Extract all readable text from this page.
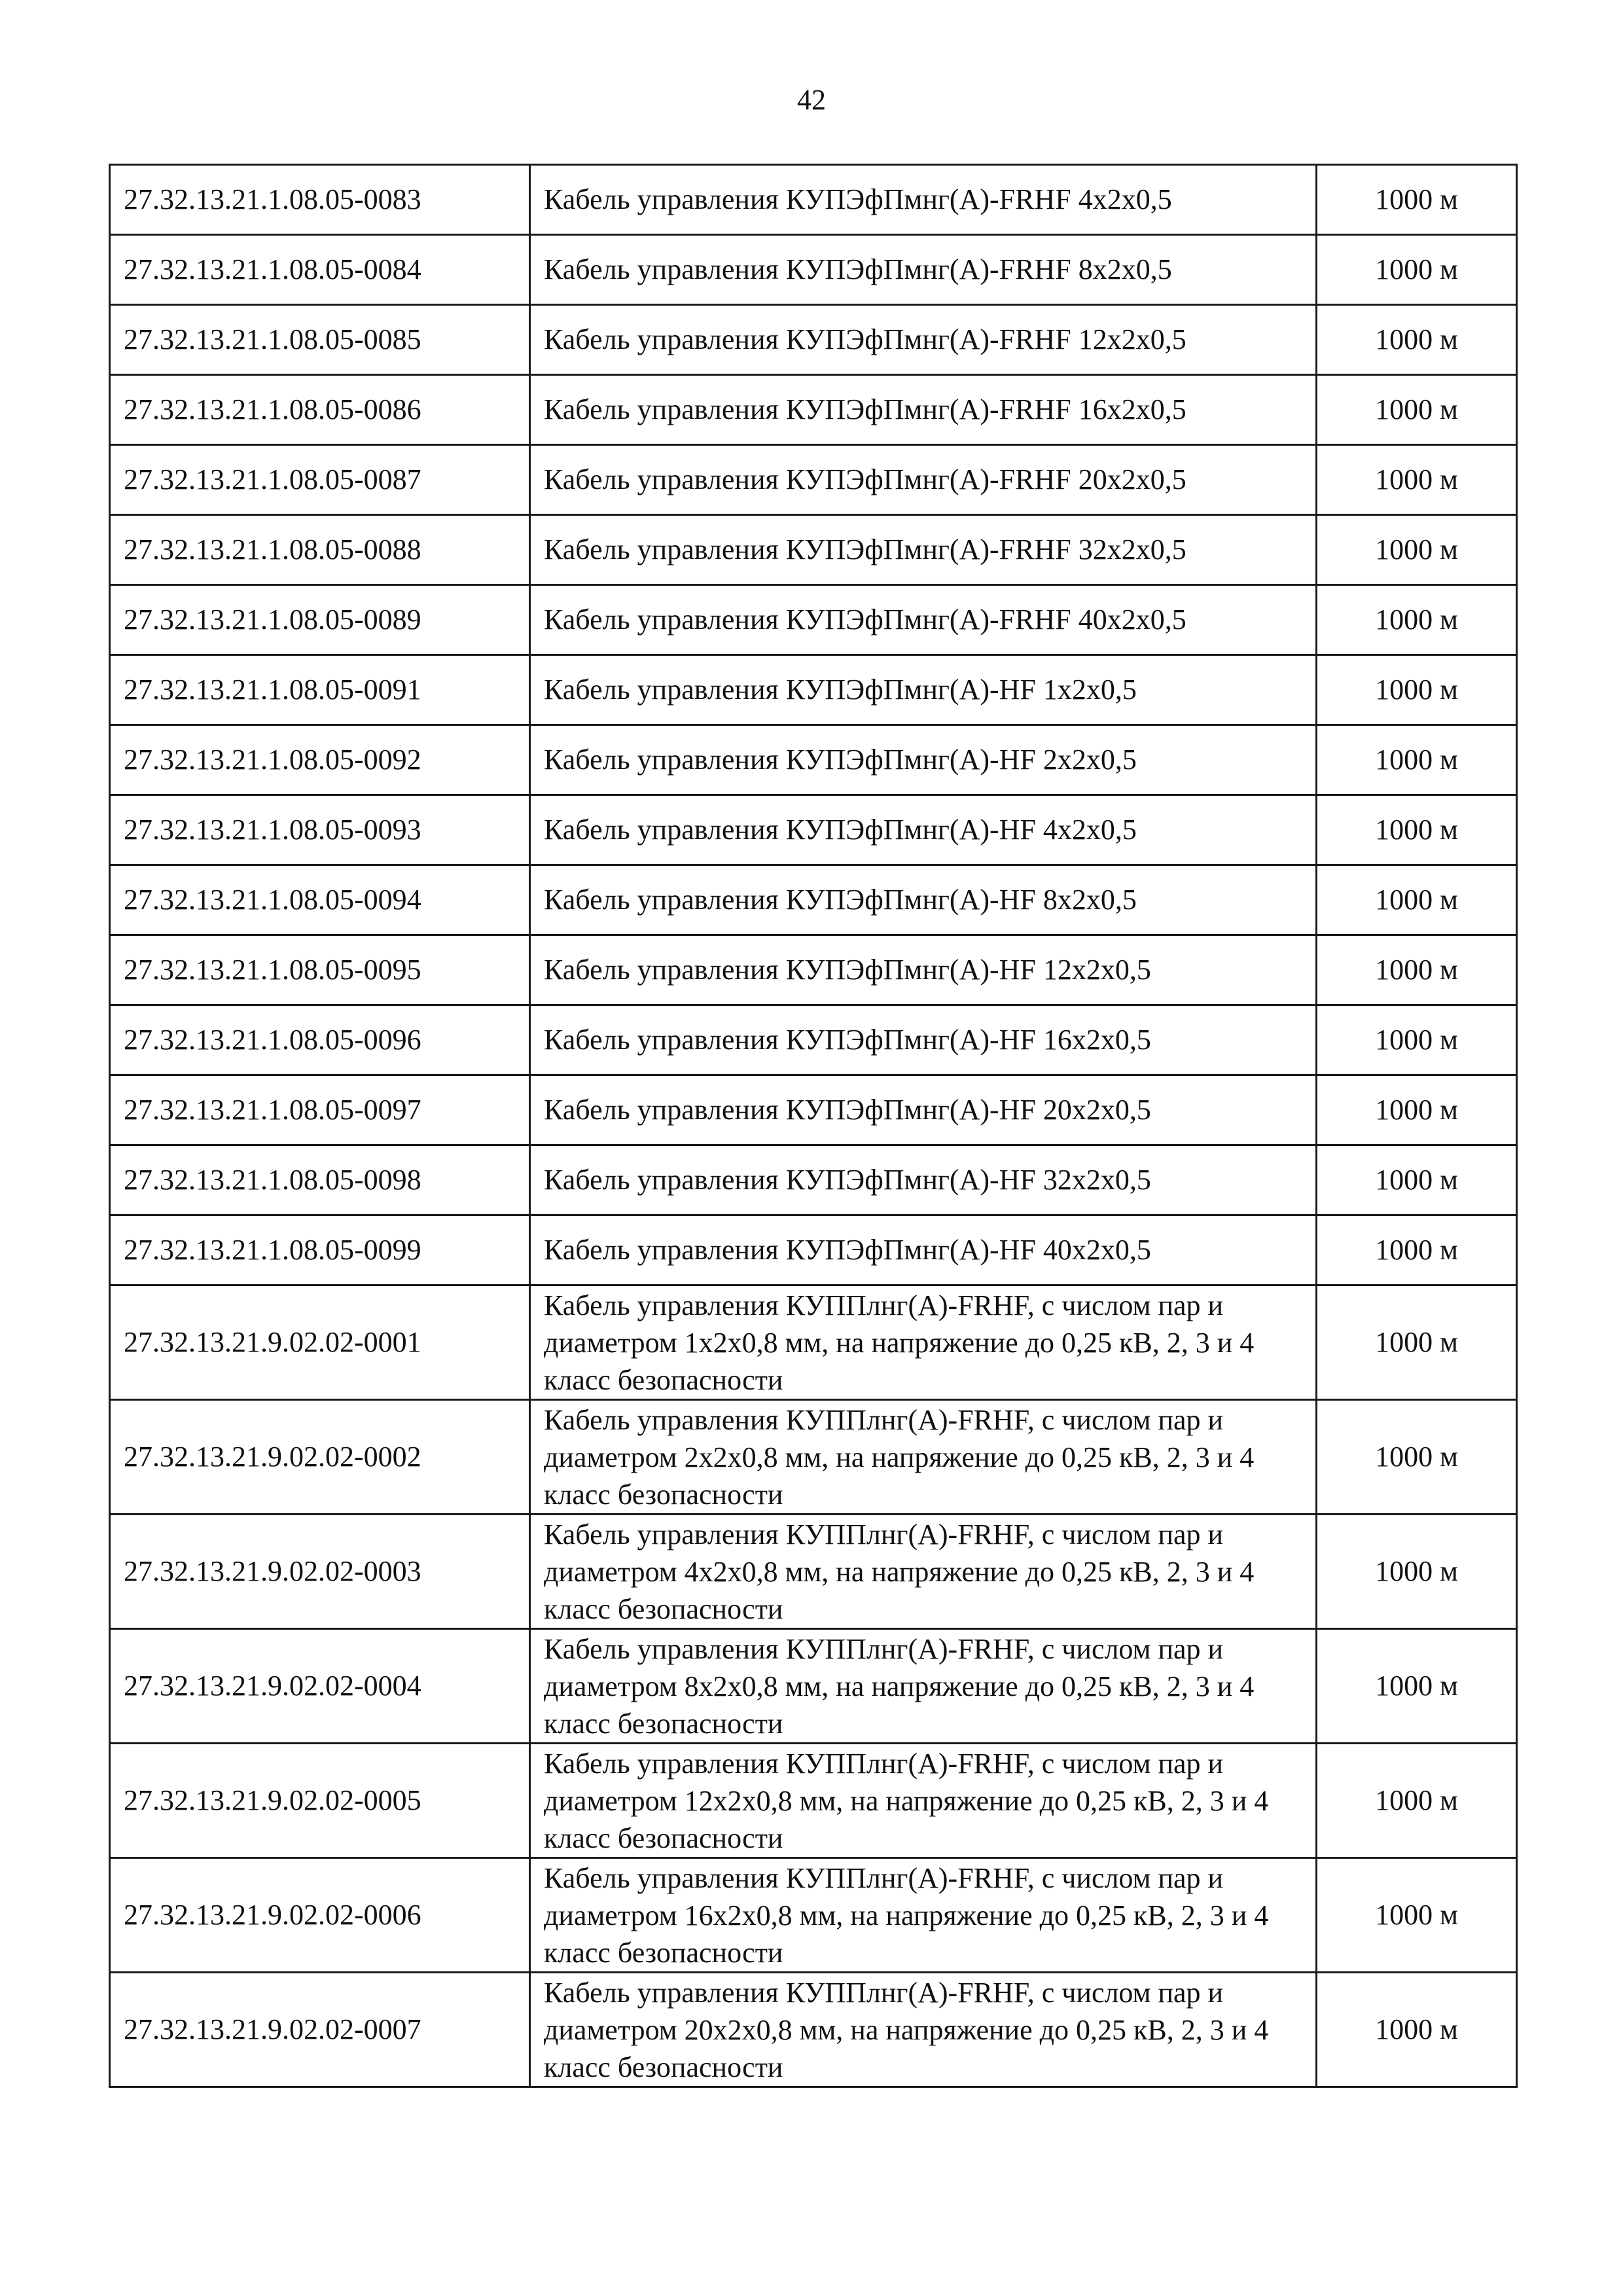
42
27.32.13.21.1.08.05-0083	Кабель управления КУПЭфПмнг(А)-FRHF 4х2х0,5	1000 м
27.32.13.21.1.08.05-0084	Кабель управления КУПЭфПмнг(А)-FRHF 8х2х0,5	1000 м
27.32.13.21.1.08.05-0085	Кабель управления КУПЭфПмнг(А)-FRHF 12х2х0,5	1000 м
27.32.13.21.1.08.05-0086	Кабель управления КУПЭфПмнг(А)-FRHF 16х2х0,5	1000 м
27.32.13.21.1.08.05-0087	Кабель управления КУПЭфПмнг(А)-FRHF 20х2х0,5	1000 м
27.32.13.21.1.08.05-0088	Кабель управления КУПЭфПмнг(А)-FRHF 32х2х0,5	1000 м
27.32.13.21.1.08.05-0089	Кабель управления КУПЭфПмнг(А)-FRHF 40х2х0,5	1000 м
27.32.13.21.1.08.05-0091	Кабель управления КУПЭфПмнг(А)-HF 1х2х0,5	1000 м
27.32.13.21.1.08.05-0092	Кабель управления КУПЭфПмнг(А)-HF 2х2х0,5	1000 м
27.32.13.21.1.08.05-0093	Кабель управления КУПЭфПмнг(А)-HF 4х2х0,5	1000 м
27.32.13.21.1.08.05-0094	Кабель управления КУПЭфПмнг(А)-HF 8х2х0,5	1000 м
27.32.13.21.1.08.05-0095	Кабель управления КУПЭфПмнг(А)-HF 12х2х0,5	1000 м
27.32.13.21.1.08.05-0096	Кабель управления КУПЭфПмнг(А)-HF 16х2х0,5	1000 м
27.32.13.21.1.08.05-0097	Кабель управления КУПЭфПмнг(А)-HF 20х2х0,5	1000 м
27.32.13.21.1.08.05-0098	Кабель управления КУПЭфПмнг(А)-HF 32х2х0,5	1000 м
27.32.13.21.1.08.05-0099	Кабель управления КУПЭфПмнг(А)-HF 40х2х0,5	1000 м
27.32.13.21.9.02.02-0001	Кабель управления КУППлнг(А)-FRHF, с числом пар и диаметром 1х2х0,8 мм, на напряжение до 0,25 кВ, 2, 3 и 4 класс безопасности	1000 м
27.32.13.21.9.02.02-0002	Кабель управления КУППлнг(А)-FRHF, с числом пар и диаметром 2х2х0,8 мм, на напряжение до 0,25 кВ, 2, 3 и 4 класс безопасности	1000 м
27.32.13.21.9.02.02-0003	Кабель управления КУППлнг(А)-FRHF, с числом пар и диаметром 4х2х0,8 мм, на напряжение до 0,25 кВ, 2, 3 и 4 класс безопасности	1000 м
27.32.13.21.9.02.02-0004	Кабель управления КУППлнг(А)-FRHF, с числом пар и диаметром 8х2х0,8 мм, на напряжение до 0,25 кВ, 2, 3 и 4 класс безопасности	1000 м
27.32.13.21.9.02.02-0005	Кабель управления КУППлнг(А)-FRHF, с числом пар и диаметром 12х2х0,8 мм, на напряжение до 0,25 кВ, 2, 3 и 4 класс безопасности	1000 м
27.32.13.21.9.02.02-0006	Кабель управления КУППлнг(А)-FRHF, с числом пар и диаметром 16х2х0,8 мм, на напряжение до 0,25 кВ, 2, 3 и 4 класс безопасности	1000 м
27.32.13.21.9.02.02-0007	Кабель управления КУППлнг(А)-FRHF, с числом пар и диаметром 20х2х0,8 мм, на напряжение до 0,25 кВ, 2, 3 и 4 класс безопасности	1000 м
